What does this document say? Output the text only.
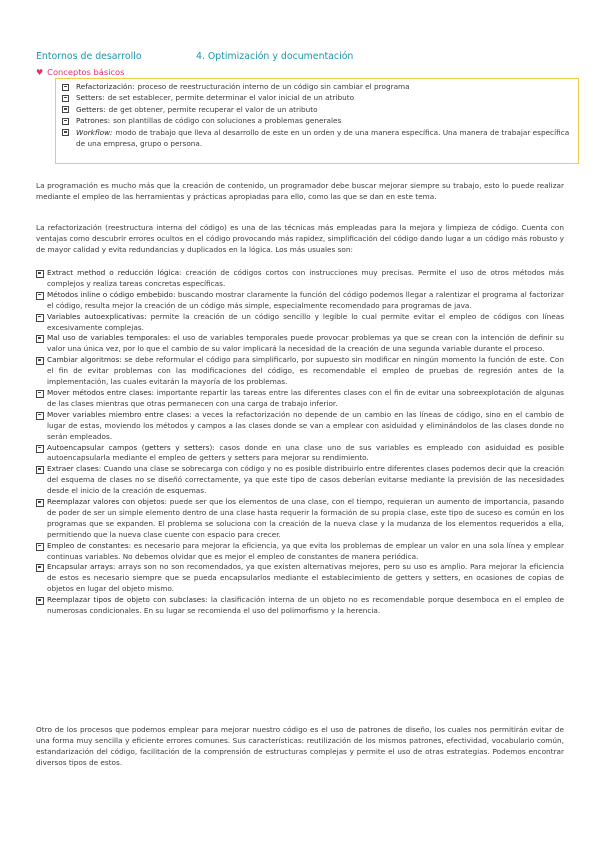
Entornos de desarrollo	4. Optimización y documentación
♥ Conceptos básicos
Refactorización: proceso de reestructuración interno de un código sin cambiar el programa
Setters: de set establecer, permite determinar el valor inicial de un atributo
Getters: de get obtener, permite recuperar el valor de un atributo
Patrones: son plantillas de código con soluciones a problemas generales
Workflow: modo de trabajo que lleva al desarrollo de este en un orden y de una manera específica. Una manera de trabajar específica de una empresa, grupo o persona.

La programación es mucho más que la creación de contenido, un programador debe buscar mejorar siempre su trabajo, esto lo puede realizar mediante el empleo de las herramientas y prácticas apropiadas para ello, como las que se dan en este tema.

La refactorización (reestructura interna del código) es una de las técnicas más empleadas para la mejora y limpieza de código. Cuenta con ventajas como descubrir errores ocultos en el código provocando más rapidez, simplificación del código dando lugar a un código más robusto y de mayor calidad y evita redundancias y duplicados en la lógica. Los más usuales son:

Extract method o reducción lógica: creación de códigos cortos con instrucciones muy precisas. Permite el uso de otros métodos más complejos y realiza tareas concretas específicas.
Métodos inline o código embebido: buscando mostrar claramente la función del código podemos llegar a ralentizar el programa al factorizar el código, resulta mejor la creación de un código más simple, especialmente recomendado para programas de java.
Variables autoexplicativas: permite la creación de un código sencillo y legible lo cual permite evitar el empleo de códigos con líneas excesivamente complejas.
Mal uso de variables temporales: el uso de variables temporales puede provocar problemas ya que se crean con la intención de definir su valor una única vez, por lo que el cambio de su valor implicará la necesidad de la creación de una segunda variable durante el proceso.
Cambiar algoritmos: se debe reformular el código para simplificarlo, por supuesto sin modificar en ningún momento la función de este. Con el fin de evitar problemas con las modificaciones del código, es recomendable el empleo de pruebas de regresión antes de la implementación, las cuales evitarán la mayoría de los problemas.
Mover métodos entre clases: importante repartir las tareas entre las diferentes clases con el fin de evitar una sobreexplotación de algunas de las clases mientras que otras permanecen con una carga de trabajo inferior.
Mover variables miembro entre clases: a veces la refactorización no depende de un cambio en las líneas de código, sino en el cambio de lugar de estas, moviendo los métodos y campos a las clases donde se van a emplear con asiduidad y eliminándolos de las clases donde no serán empleados.
Autoencapsular campos (getters y setters): casos donde en una clase uno de sus variables es empleado con asiduidad es posible autoencapsularla mediante el empleo de getters y setters para mejorar su rendimiento.
Extraer clases: Cuando una clase se sobrecarga con código y no es posible distribuirlo entre diferentes clases podemos decir que la creación del esquema de clases no se diseñó correctamente, ya que este tipo de casos deberían evitarse mediante la previsión de las necesidades desde el inicio de la creación de esquemas.
Reemplazar valores con objetos: puede ser que los elementos de una clase, con el tiempo, requieran un aumento de importancia, pasando de poder de ser un simple elemento dentro de una clase hasta requerir la formación de su propia clase, este tipo de suceso es común en los programas que se expanden. El problema se soluciona con la creación de la nueva clase y la mudanza de los elementos requeridos a ella, permitiendo que la nueva clase cuente con espacio para crecer.
Empleo de constantes: es necesario para mejorar la eficiencia, ya que evita los problemas de emplear un valor en una sola línea y emplear continuas variables. No debemos olvidar que es mejor el empleo de constantes de manera periódica.
Encapsular arrays: arrays son no son recomendados, ya que existen alternativas mejores, pero su uso es amplio. Para mejorar la eficiencia de estos es necesario siempre que se pueda encapsularlos mediante el establecimiento de getters y setters, en ocasiones de copias de objetos en lugar del objeto mismo.
Reemplazar tipos de objeto con subclases: la clasificación interna de un objeto no es recomendable porque desemboca en el empleo de numerosas condicionales. En su lugar se recomienda el uso del polimorfismo y la herencia.

Otro de los procesos que podemos emplear para mejorar nuestro código es el uso de patrones de diseño, los cuales nos permitirán evitar de una forma muy sencilla y eficiente errores comunes. Sus características: reutilización de los mismos patrones, efectividad, vocabulario común, estandarización del código, facilitación de la comprensión de estructuras complejas y permite el uso de otras estrategias. Podemos encontrar diversos tipos de estos.
